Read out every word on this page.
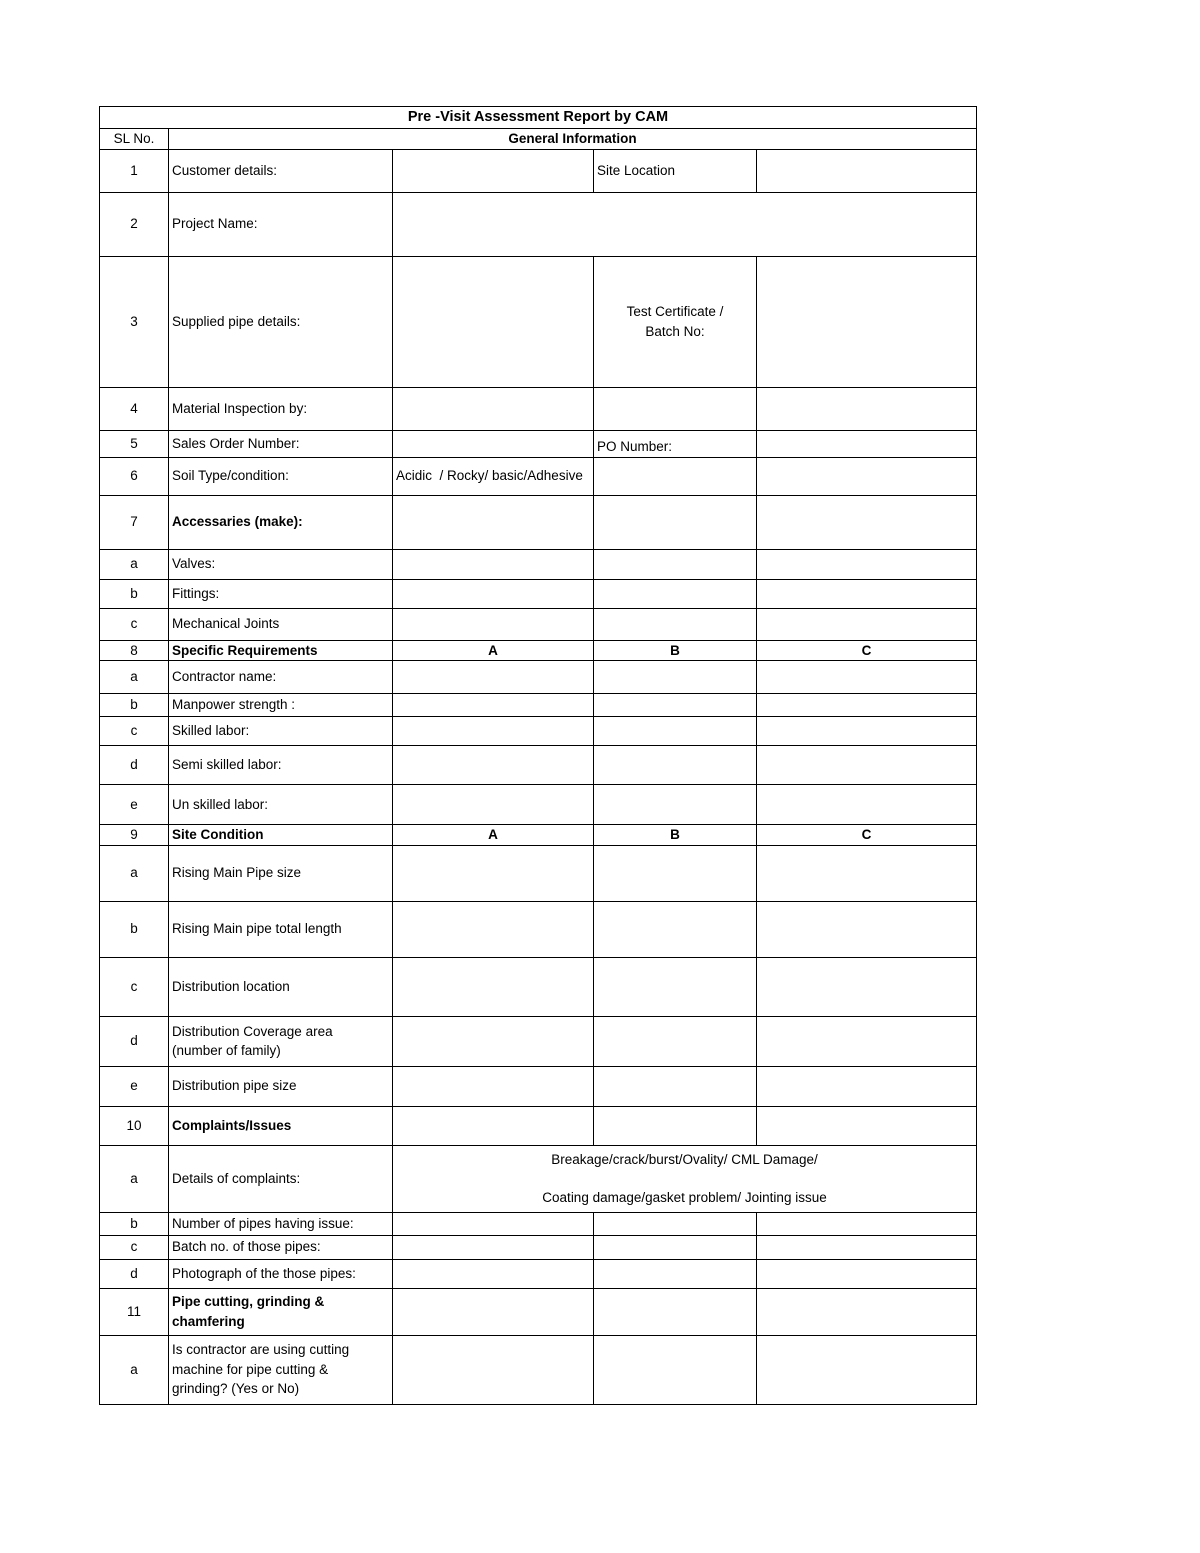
Pre -Visit Assessment Report by CAM				
SL No.	General Information			
1	Customer details:		Site Location	
2	Project Name:			
3	Supplied pipe details:		Test Certificate /
Batch No:	

4	Material Inspection by:			
5	Sales Order Number:		PO Number:	
6	Soil Type/condition:	Acidic  / Rocky/ basic/Adhesive		
7	Accessaries (make):			
a	Valves:			
b	Fittings:			
c	Mechanical Joints			
8	Specific Requirements	A	B	C
a	Contractor name:			
b	Manpower strength :			
c	Skilled labor:			
d	Semi skilled labor:			
e	Un skilled labor:			
9	Site Condition	A	B	C
a	Rising Main Pipe size			
b	Rising Main pipe total length			
c	Distribution location			
d	Distribution Coverage area
(number of family)			

e	Distribution pipe size			
10	Complaints/Issues			
a	Details of complaints:	Breakage/crack/burst/Ovality/ CML Damage/
Coating damage/gasket problem/ Jointing issue		

b	Number of pipes having issue:			
c	Batch no. of those pipes:			
d	Photograph of the those pipes:			
11	Pipe cutting, grinding &
chamfering			

a	Is contractor are using cutting
machine for pipe cutting &
grinding? (Yes or No)			
